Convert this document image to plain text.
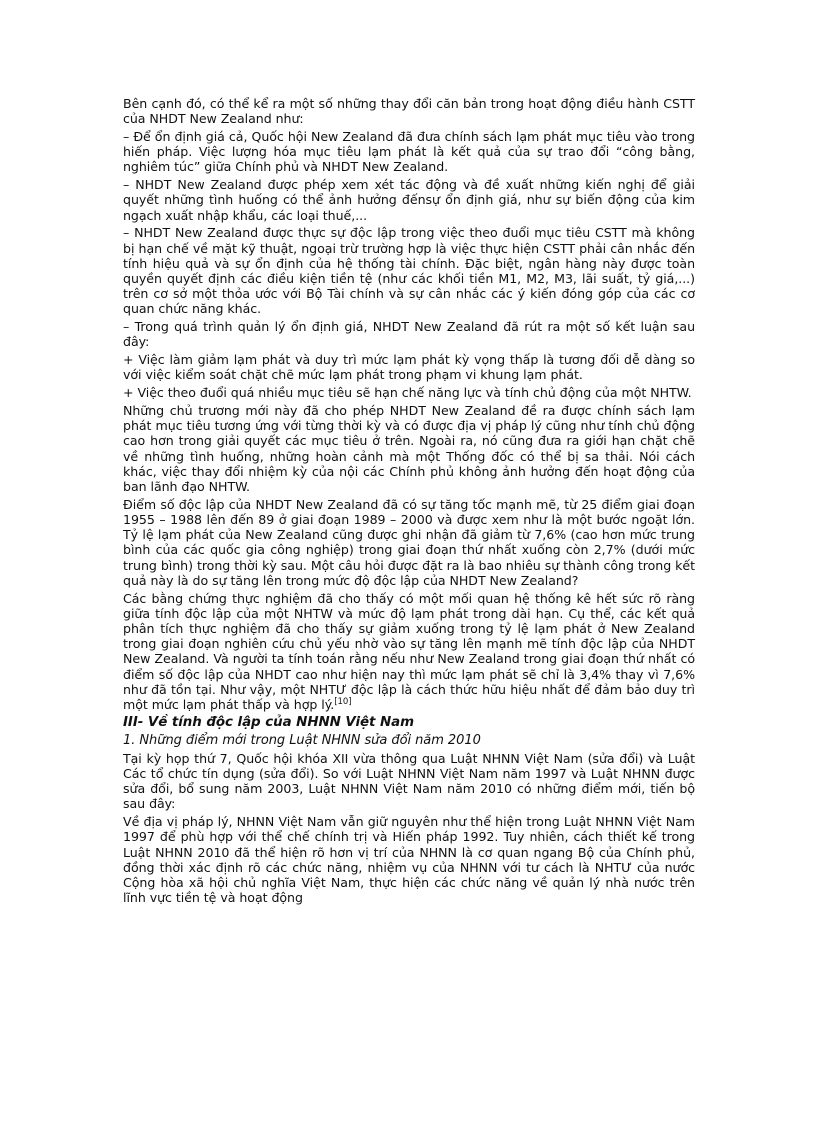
Bên cạnh đó, có thể kể ra một số những thay đổi căn bản trong hoạt động điều hành CSTT của NHDT New Zealand như:

– Để ổn định giá cả, Quốc hội New Zealand đã đưa chính sách lạm phát mục tiêu vào trong hiến pháp. Việc lượng hóa mục tiêu lạm phát là kết quả của sự trao đổi “công bằng, nghiêm túc” giữa Chính phủ và NHDT New Zealand.

– NHDT New Zealand được phép xem xét tác động và đề xuất những kiến nghị để giải quyết những tình huống có thể ảnh hưởng đếnsự ổn định giá, như sự biến động của kim ngạch xuất nhập khẩu, các loại thuế,...

– NHDT New Zealand được thực sự độc lập trong việc theo đuổi mục tiêu CSTT mà không bị hạn chế về mặt kỹ thuật, ngoại trừ trường hợp là việc thực hiện CSTT phải cân nhắc đến tính hiệu quả và sự ổn định của hệ thống tài chính. Đặc biệt, ngân hàng này được toàn quyền quyết định các điều kiện tiền tệ (như các khối tiền M1, M2, M3, lãi suất, tỷ giá,...) trên cơ sở một thỏa ước với Bộ Tài chính và sự cân nhắc các ý kiến đóng góp của các cơ quan chức năng khác.

– Trong quá trình quản lý ổn định giá, NHDT New Zealand đã rút ra một số kết luận sau đây:

+ Việc làm giảm lạm phát và duy trì mức lạm phát kỳ vọng thấp là tương đối dễ dàng so với việc kiểm soát chặt chẽ mức lạm phát trong phạm vi khung lạm phát.

+ Việc theo đuổi quá nhiều mục tiêu sẽ hạn chế năng lực và tính chủ động của một NHTW.

Những chủ trương mới này đã cho phép NHDT New Zealand đề ra được chính sách lạm phát mục tiêu tương ứng với từng thời kỳ và có được địa vị pháp lý cũng như tính chủ động cao hơn trong giải quyết các mục tiêu ở trên. Ngoài ra, nó cũng đưa ra giới hạn chặt chẽ về những tình huống, những hoàn cảnh mà một Thống đốc có thể bị sa thải. Nói cách khác, việc thay đổi nhiệm kỳ của nội các Chính phủ không ảnh hưởng đến hoạt động của ban lãnh đạo NHTW.

Điểm số độc lập của NHDT New Zealand đã có sự tăng tốc mạnh mẽ, từ 25 điểm giai đoạn 1955 – 1988 lên đến 89 ở giai đoạn 1989 – 2000 và được xem như là một bước ngoặt lớn. Tỷ lệ lạm phát của New Zealand cũng được ghi nhận đã giảm từ 7,6% (cao hơn mức trung bình của các quốc gia công nghiệp) trong giai đoạn thứ nhất xuống còn 2,7% (dưới mức trung bình) trong thời kỳ sau. Một câu hỏi được đặt ra là bao nhiêu sự thành công trong kết quả này là do sự tăng lên trong mức độ độc lập của NHDT New Zealand?

Các bằng chứng thực nghiệm đã cho thấy có một mối quan hệ thống kê hết sức rõ ràng giữa tính độc lập của một NHTW và mức độ lạm phát trong dài hạn. Cụ thể, các kết quả phân tích thực nghiệm đã cho thấy sự giảm xuống trong tỷ lệ lạm phát ở New Zealand trong giai đoạn nghiên cứu chủ yếu nhờ vào sự tăng lên mạnh mẽ tính độc lập của NHDT New Zealand. Và người ta tính toán rằng nếu như New Zealand trong giai đoạn thứ nhất có điểm số độc lập của NHDT cao như hiện nay thì mức lạm phát sẽ chỉ là 3,4% thay vì 7,6% như đã tồn tại. Như vậy, một NHTƯ độc lập là cách thức hữu hiệu nhất để đảm bảo duy trì một mức lạm phát thấp và hợp lý.[10]

III- Về tính độc lập của NHNN Việt Nam
1. Những điểm mới trong Luật NHNN sửa đổi năm 2010

Tại kỳ họp thứ 7, Quốc hội khóa XII vừa thông qua Luật NHNN Việt Nam (sửa đổi) và Luật Các tổ chức tín dụng (sửa đổi). So với Luật NHNN Việt Nam năm 1997 và Luật NHNN được sửa đổi, bổ sung năm 2003, Luật NHNN Việt Nam năm 2010 có những điểm mới, tiến bộ sau đây:

Về địa vị pháp lý, NHNN Việt Nam vẫn giữ nguyên như thể hiện trong Luật NHNN Việt Nam 1997 để phù hợp với thể chế chính trị và Hiến pháp 1992. Tuy nhiên, cách thiết kế trong Luật NHNN 2010 đã thể hiện rõ hơn vị trí của NHNN là cơ quan ngang Bộ của Chính phủ, đồng thời xác định rõ các chức năng, nhiệm vụ của NHNN với tư cách là NHTƯ của nước Cộng hòa xã hội chủ nghĩa Việt Nam, thực hiện các chức năng về quản lý nhà nước trên lĩnh vực tiền tệ và hoạt động
